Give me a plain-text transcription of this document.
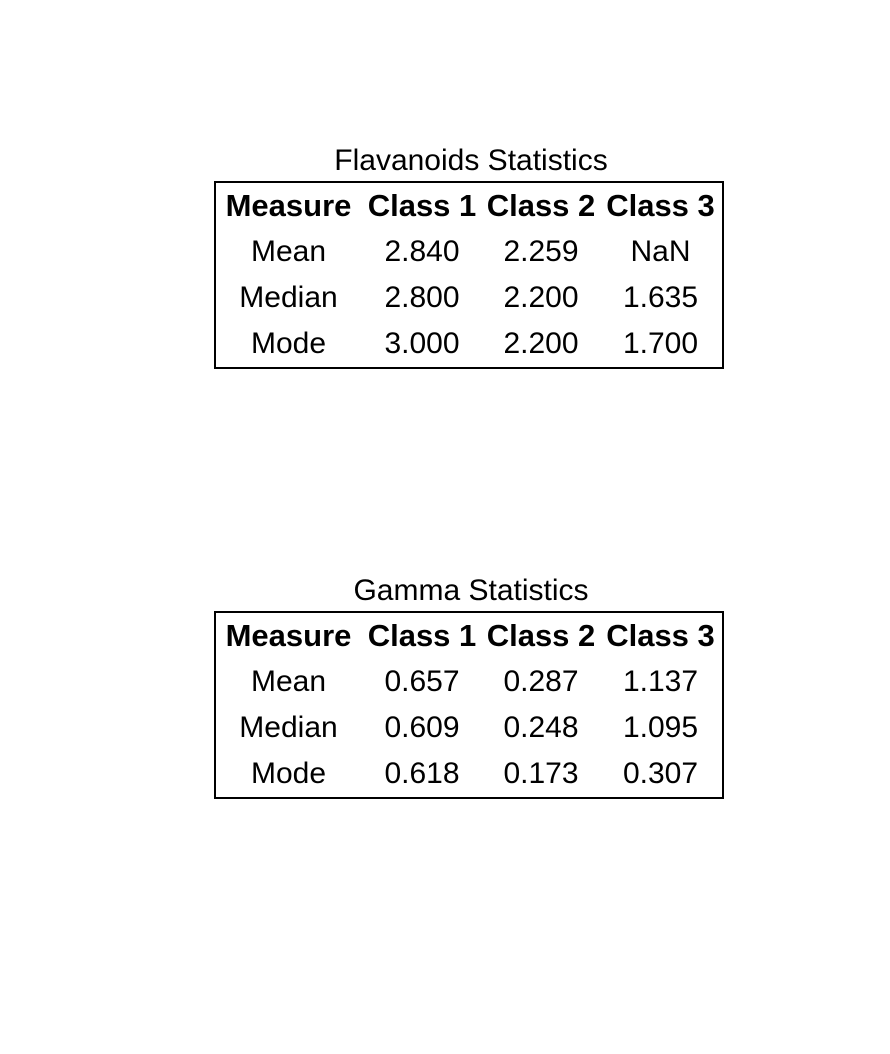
Flavanoids Statistics
Measure	Class 1	Class 2	Class 3
Mean	2.840	2.259	NaN
Median	2.800	2.200	1.635
Mode	3.000	2.200	1.700
Gamma Statistics
Measure	Class 1	Class 2	Class 3
Mean	0.657	0.287	1.137
Median	0.609	0.248	1.095
Mode	0.618	0.173	0.307
